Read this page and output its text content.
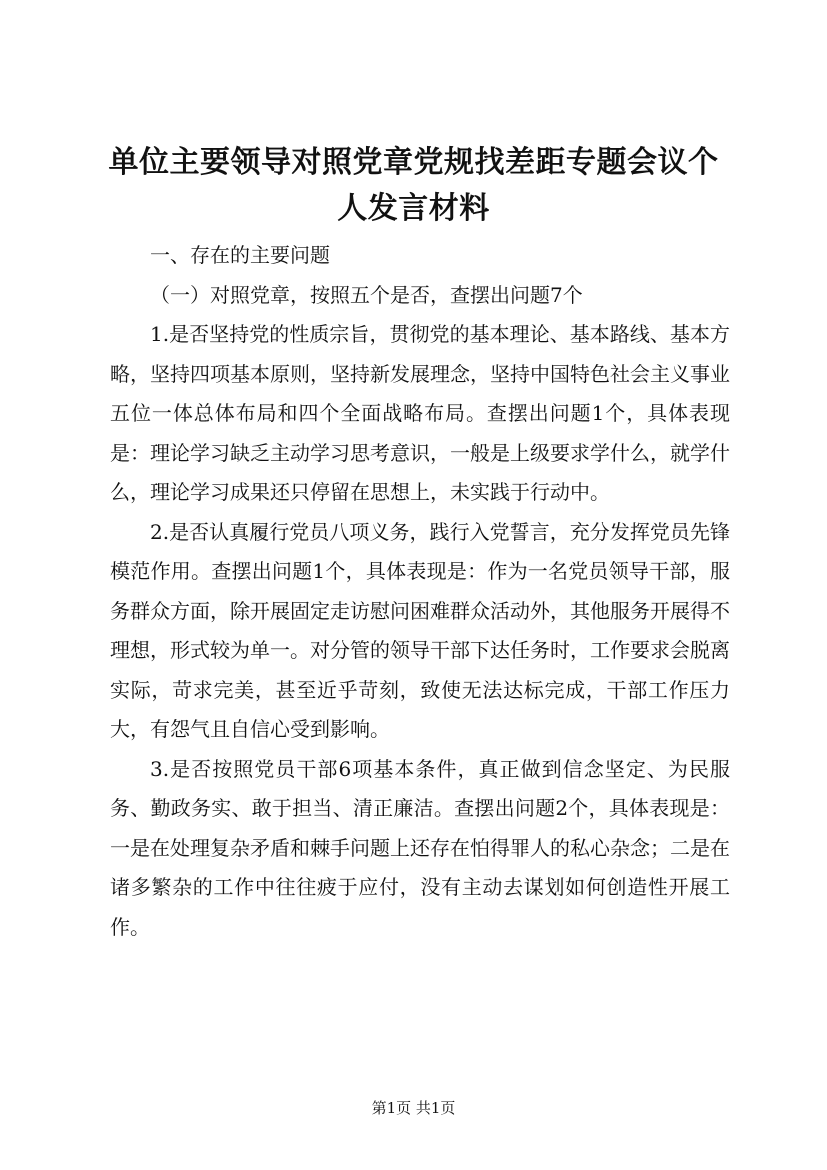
单位主要领导对照党章党规找差距专题会议个
人发言材料

一、存在的主要问题

（一）对照党章，按照五个是否，查摆出问题7个

1.是否坚持党的性质宗旨，贯彻党的基本理论、基本路线、基本方略，坚持四项基本原则，坚持新发展理念，坚持中国特色社会主义事业五位一体总体布局和四个全面战略布局。查摆出问题1个，具体表现是：理论学习缺乏主动学习思考意识，一般是上级要求学什么，就学什么，理论学习成果还只停留在思想上，未实践于行动中。

2.是否认真履行党员八项义务，践行入党誓言，充分发挥党员先锋模范作用。查摆出问题1个，具体表现是：作为一名党员领导干部，服务群众方面，除开展固定走访慰问困难群众活动外，其他服务开展得不理想，形式较为单一。对分管的领导干部下达任务时，工作要求会脱离实际，苛求完美，甚至近乎苛刻，致使无法达标完成，干部工作压力大，有怨气且自信心受到影响。

3.是否按照党员干部6项基本条件，真正做到信念坚定、为民服务、勤政务实、敢于担当、清正廉洁。查摆出问题2个，具体表现是：一是在处理复杂矛盾和棘手问题上还存在怕得罪人的私心杂念；二是在诸多繁杂的工作中往往疲于应付，没有主动去谋划如何创造性开展工作。

第1页 共1页
